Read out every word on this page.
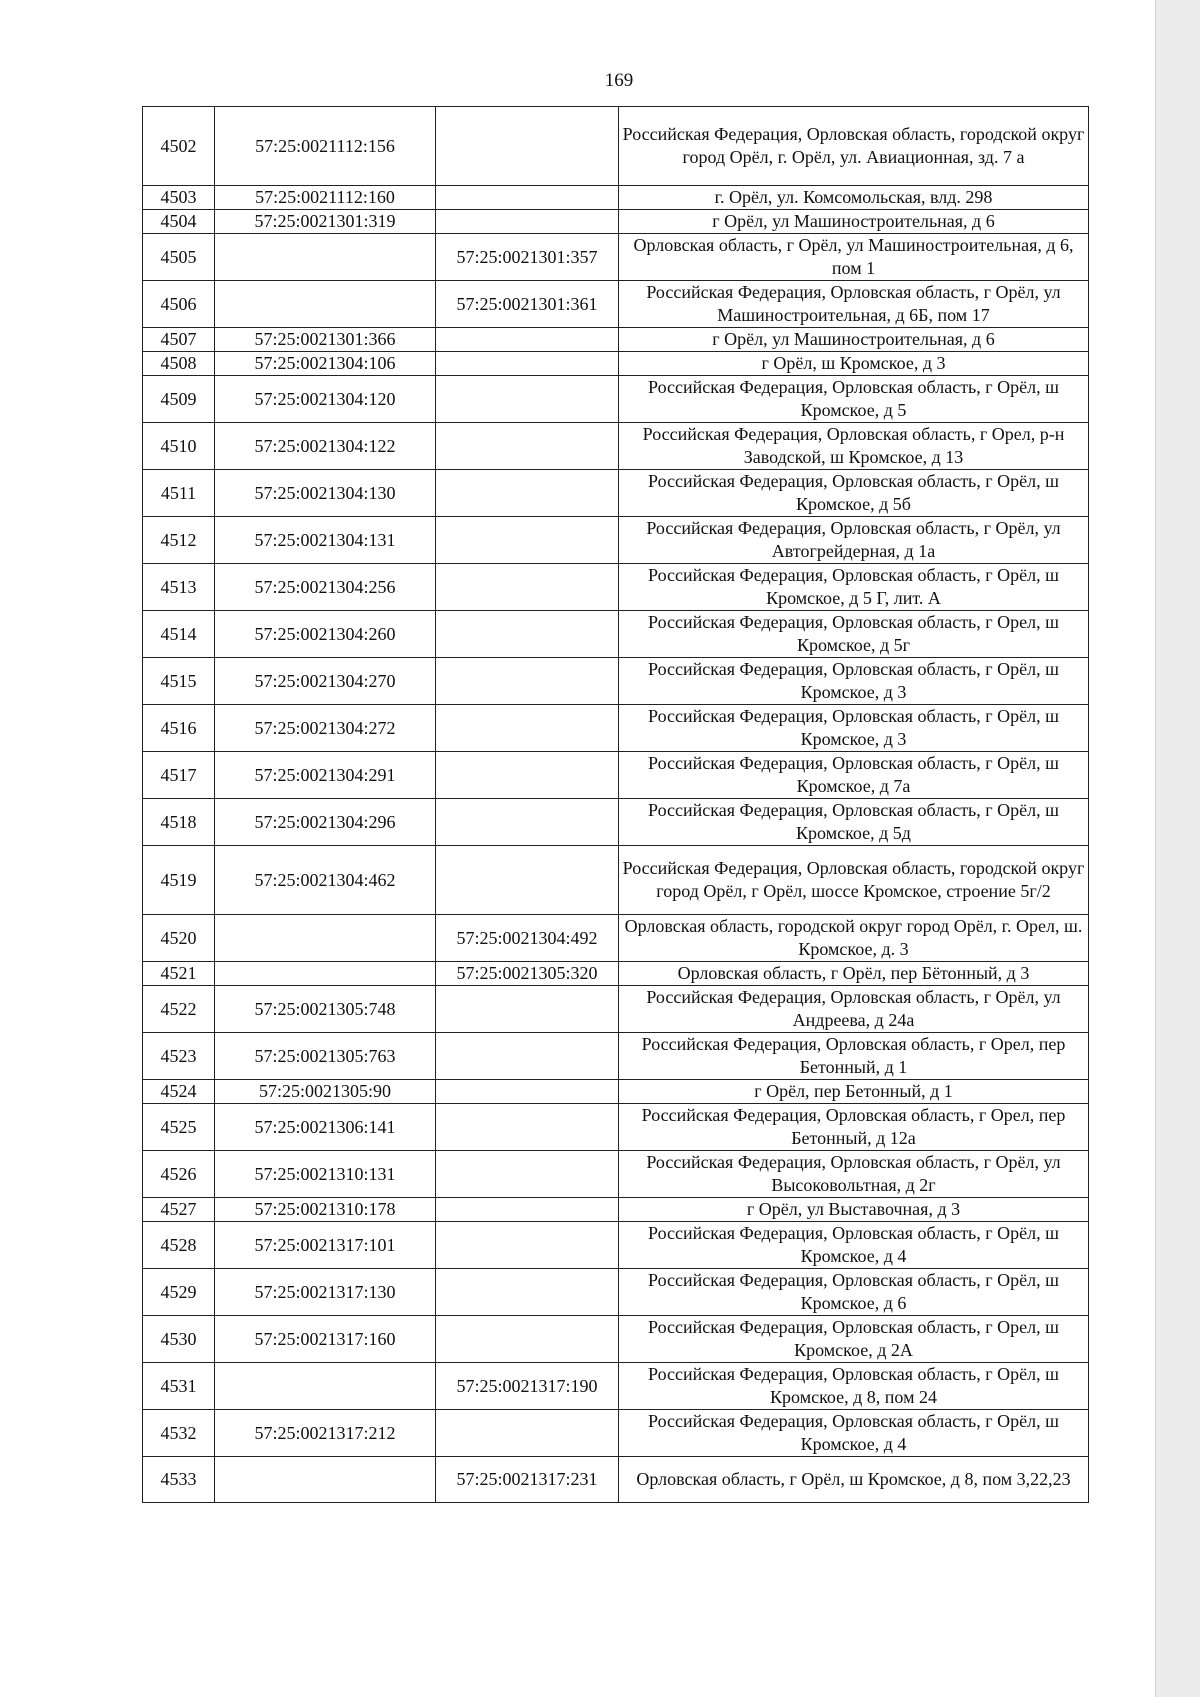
169
4502	57:25:0021112:156		Российская Федерация, Орловская область, городской округ город Орёл, г. Орёл, ул. Авиационная, зд. 7 а
4503	57:25:0021112:160		г. Орёл, ул. Комсомольская, влд. 298
4504	57:25:0021301:319		г Орёл, ул Машиностроительная, д 6
4505		57:25:0021301:357	Орловская область, г Орёл, ул Машиностроительная, д 6, пом 1
4506		57:25:0021301:361	Российская Федерация, Орловская область, г Орёл, ул Машиностроительная, д 6Б, пом 17
4507	57:25:0021301:366		г Орёл, ул Машиностроительная, д 6
4508	57:25:0021304:106		г Орёл, ш Кромское, д 3
4509	57:25:0021304:120		Российская Федерация, Орловская область, г Орёл, ш Кромское, д 5
4510	57:25:0021304:122		Российская Федерация, Орловская область, г Орел, р-н Заводской, ш Кромское, д 13
4511	57:25:0021304:130		Российская Федерация, Орловская область, г Орёл, ш Кромское, д 5б
4512	57:25:0021304:131		Российская Федерация, Орловская область, г Орёл, ул Автогрейдерная, д 1а
4513	57:25:0021304:256		Российская Федерация, Орловская область, г Орёл, ш Кромское, д 5 Г, лит. А
4514	57:25:0021304:260		Российская Федерация, Орловская область, г Орел, ш Кромское, д 5г
4515	57:25:0021304:270		Российская Федерация, Орловская область, г Орёл, ш Кромское, д 3
4516	57:25:0021304:272		Российская Федерация, Орловская область, г Орёл, ш Кромское, д 3
4517	57:25:0021304:291		Российская Федерация, Орловская область, г Орёл, ш Кромское, д 7а
4518	57:25:0021304:296		Российская Федерация, Орловская область, г Орёл, ш Кромское, д 5д
4519	57:25:0021304:462		Российская Федерация, Орловская область, городской округ город Орёл, г Орёл, шоссе Кромское, строение 5г/2
4520		57:25:0021304:492	Орловская область, городской округ город Орёл, г. Орел, ш. Кромское, д. 3
4521		57:25:0021305:320	Орловская область, г Орёл, пер Бётонный, д 3
4522	57:25:0021305:748		Российская Федерация, Орловская область, г Орёл, ул Андреева, д 24а
4523	57:25:0021305:763		Российская Федерация, Орловская область, г Орел, пер Бетонный, д 1
4524	57:25:0021305:90		г Орёл, пер Бетонный, д 1
4525	57:25:0021306:141		Российская Федерация, Орловская область, г Орел, пер Бетонный, д 12а
4526	57:25:0021310:131		Российская Федерация, Орловская область, г Орёл, ул Высоковольтная, д 2г
4527	57:25:0021310:178		г Орёл, ул Выставочная, д 3
4528	57:25:0021317:101		Российская Федерация, Орловская область, г Орёл, ш Кромское, д 4
4529	57:25:0021317:130		Российская Федерация, Орловская область, г Орёл, ш Кромское, д 6
4530	57:25:0021317:160		Российская Федерация, Орловская область, г Орел, ш Кромское, д 2А
4531		57:25:0021317:190	Российская Федерация, Орловская область, г Орёл, ш Кромское, д 8, пом 24
4532	57:25:0021317:212		Российская Федерация, Орловская область, г Орёл, ш Кромское, д 4
4533		57:25:0021317:231	Орловская область, г Орёл, ш Кромское, д 8, пом 3,22,23
